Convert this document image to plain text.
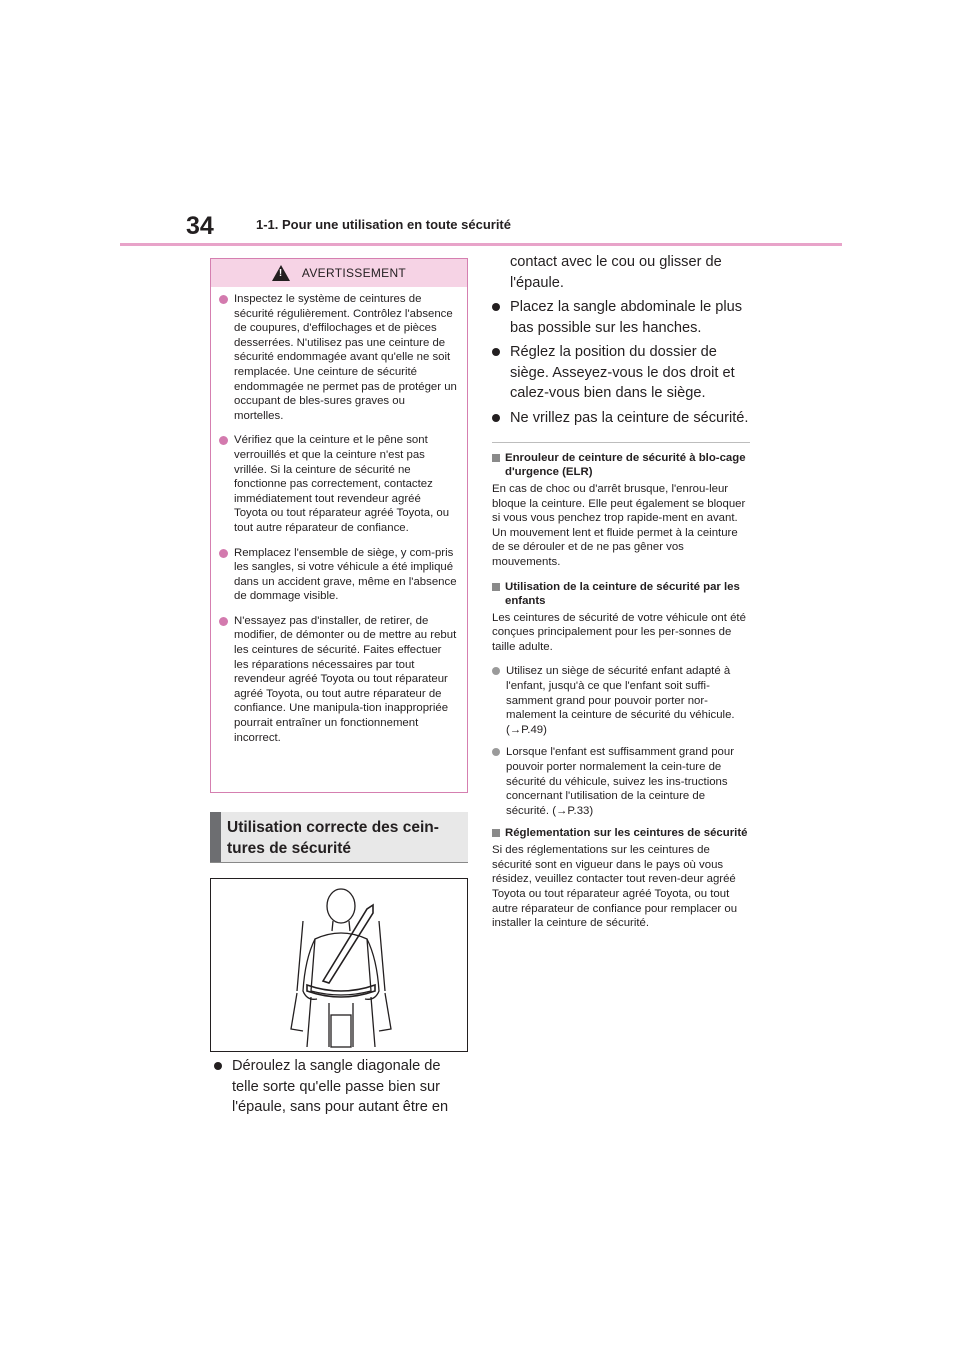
34	1-1. Pour une utilisation en toute sécurité
!
AVERTISSEMENT
Inspectez le système de ceintures de sécurité régulièrement. Contrôlez l'absence de coupures, d'effilochages et de pièces desserrées. N'utilisez pas une ceinture de sécurité endommagée avant qu'elle ne soit remplacée. Une ceinture de sécurité endommagée ne permet pas de protéger un occupant de bles-sures graves ou mortelles.
Vérifiez que la ceinture et le pêne sont verrouillés et que la ceinture n'est pas vrillée. Si la ceinture de sécurité ne fonctionne pas correctement, contactez immédiatement tout revendeur agréé Toyota ou tout réparateur agréé Toyota, ou tout autre réparateur de confiance.
Remplacez l'ensemble de siège, y com-pris les sangles, si votre véhicule a été impliqué dans un accident grave, même en l'absence de dommage visible.
N'essayez pas d'installer, de retirer, de modifier, de démonter ou de mettre au rebut les ceintures de sécurité. Faites effectuer les réparations nécessaires par tout revendeur agréé Toyota ou tout réparateur agréé Toyota, ou tout autre réparateur de confiance. Une manipula-tion inappropriée pourrait entraîner un fonctionnement incorrect.
Utilisation correcte des cein-
tures de sécurité
Déroulez la sangle diagonale de telle sorte qu'elle passe bien sur l'épaule, sans pour autant être en
contact avec le cou ou glisser de l'épaule.
Placez la sangle abdominale le plus bas possible sur les hanches.
Réglez la position du dossier de siège. Asseyez-vous le dos droit et calez-vous bien dans le siège.
Ne vrillez pas la ceinture de sécurité.
Enrouleur de ceinture de sécurité à blo-cage d'urgence (ELR)
En cas de choc ou d'arrêt brusque, l'enrou-leur bloque la ceinture. Elle peut également se bloquer si vous vous penchez trop rapide-ment en avant. Un mouvement lent et fluide permet à la ceinture de se dérouler et de ne pas gêner vos mouvements.
Utilisation de la ceinture de sécurité par les enfants
Les ceintures de sécurité de votre véhicule ont été conçues principalement pour les per-sonnes de taille adulte.
Utilisez un siège de sécurité enfant adapté à l'enfant, jusqu'à ce que l'enfant soit suffi-samment grand pour pouvoir porter nor-malement la ceinture de sécurité du véhicule. (→P.49)
Lorsque l'enfant est suffisamment grand pour pouvoir porter normalement la cein-ture de sécurité du véhicule, suivez les ins-tructions concernant l'utilisation de la ceinture de sécurité. (→P.33)
Réglementation sur les ceintures de sécurité
Si des réglementations sur les ceintures de sécurité sont en vigueur dans le pays où vous résidez, veuillez contacter tout reven-deur agréé Toyota ou tout réparateur agréé Toyota, ou tout autre réparateur de confiance pour remplacer ou installer la ceinture de sécurité.
